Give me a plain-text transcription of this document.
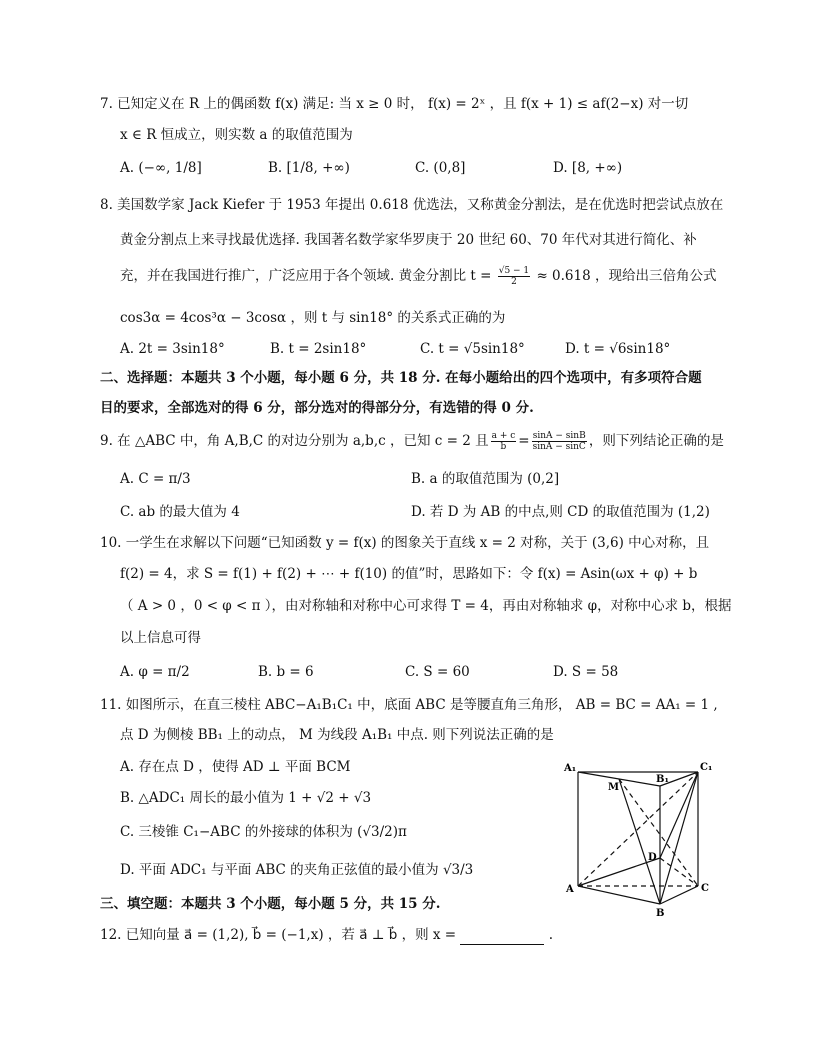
7. 已知定义在 R 上的偶函数 f(x) 满足: 当 x ≥ 0 时， f(x) = 2ˣ ，且 f(x + 1) ≤ af(2−x) 对一切
x ∈ R 恒成立，则实数 a 的取值范围为
A. (−∞, 1/8]	B. [1/8, +∞)	C. (0,8]	D. [8, +∞)
8. 美国数学家 Jack Kiefer 于 1953 年提出 0.618 优选法，又称黄金分割法，是在优选时把尝试点放在
黄金分割点上来寻找最优选择. 我国著名数学家华罗庚于 20 世纪 60、70 年代对其进行简化、补
充，并在我国进行推广，广泛应用于各个领域. 黄金分割比 $t = \frac{√5 - 1}{2} \approx 0.618$ ，现给出三倍角公式
cos3α = 4cos³α − 3cosα ，则 t 与 sin18° 的关系式正确的为
A. 2t = 3sin18°	B. t = 2sin18°	C. t = √5sin18°	D. t = √6sin18°
二、选择题：本题共 3 个小题，每小题 6 分，共 18 分. 在每小题给出的四个选项中，有多项符合题
目的要求，全部选对的得 6 分，部分选对的得部分分，有选错的得 0 分.
9. 在 △ABC 中，角 A,B,C 的对边分别为 a,b,c ，已知 c = 2 且 $\frac{a + c}{b} = \frac{\sin A - \sin B}{\sin A - \sin C}$ ，则下列结论正确的是
A. C = π/3	B. a 的取值范围为 (0,2]
C. ab 的最大值为 4	D. 若 D 为 AB 的中点,则 CD 的取值范围为 (1,2)
10. 一学生在求解以下问题“已知函数 y = f(x) 的图象关于直线 x = 2 对称，关于 (3,6) 中心对称，且
f(2) = 4，求 S = f(1) + f(2) + ⋯ + f(10) 的值”时，思路如下：令 f(x) = Asin(ωx + φ) + b
（ A > 0 ，0 < φ < π ），由对称轴和对称中心可求得 T = 4，再由对称轴求 φ，对称中心求 b，根据
以上信息可得
A. φ = π/2	B. b = 6	C. S = 60	D. S = 58
11. 如图所示，在直三棱柱 ABC−A₁B₁C₁ 中，底面 ABC 是等腰直角三角形， AB = BC = AA₁ = 1 ,
点 D 为侧棱 BB₁ 上的动点， M 为线段 A₁B₁ 中点. 则下列说法正确的是
A. 存在点 D ，使得 AD ⊥ 平面 BCM
B. △ADC₁ 周长的最小值为 1 + √2 + √3
C. 三棱锥 C₁−ABC 的外接球的体积为 (√3/2)π
D. 平面 ADC₁ 与平面 ABC 的夹角正弦值的最小值为 √3/3
A₁
B₁
C₁
M
D
A
B
C
三、填空题：本题共 3 个小题，每小题 5 分，共 15 分.
12. 已知向量 a⃗ = (1,2), b⃗ = (−1,x) ，若 a⃗ ⊥ b⃗ ，则 x =	.
